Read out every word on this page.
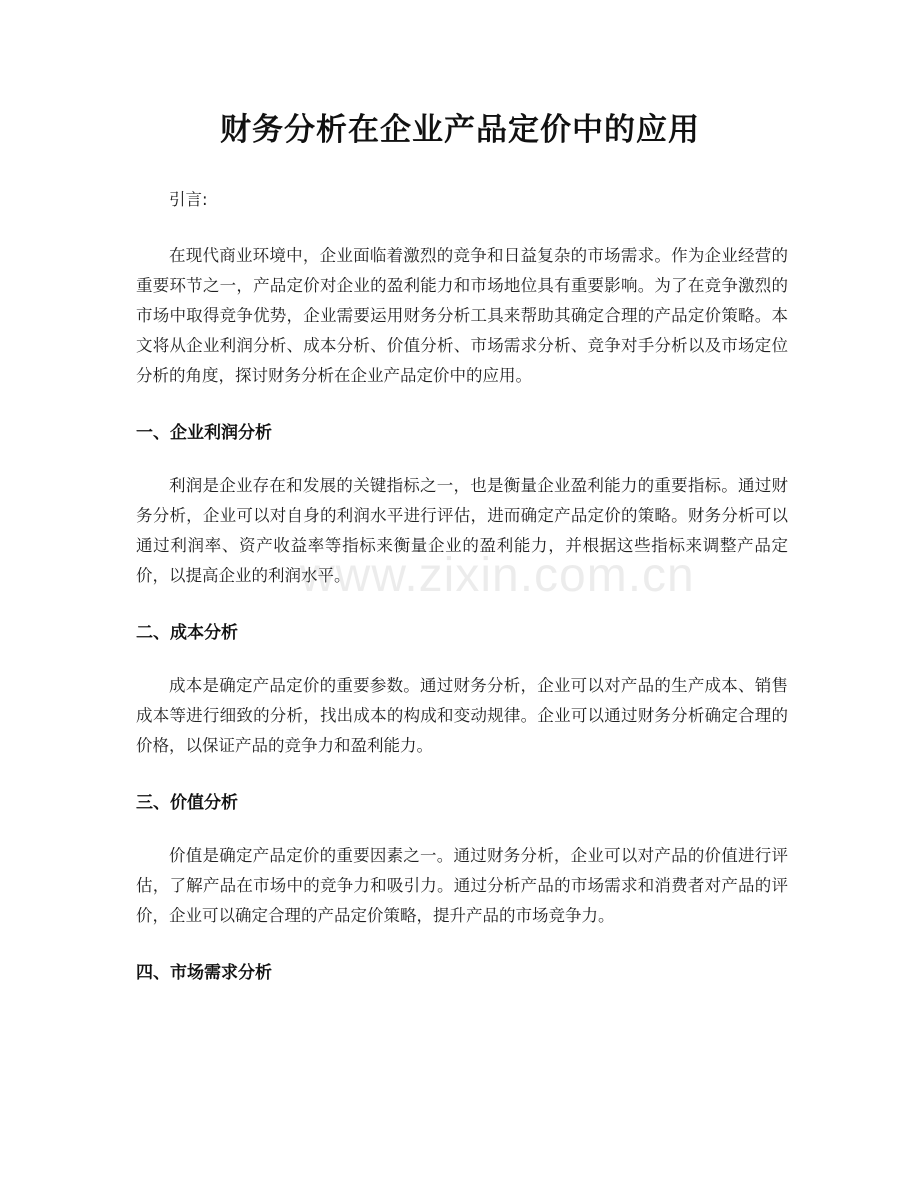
财务分析在企业产品定价中的应用

引言:

在现代商业环境中，企业面临着激烈的竞争和日益复杂的市场需求。作为企业经营的重要环节之一，产品定价对企业的盈利能力和市场地位具有重要影响。为了在竞争激烈的市场中取得竞争优势，企业需要运用财务分析工具来帮助其确定合理的产品定价策略。本文将从企业利润分析、成本分析、价值分析、市场需求分析、竞争对手分析以及市场定位分析的角度，探讨财务分析在企业产品定价中的应用。

一、企业利润分析

利润是企业存在和发展的关键指标之一，也是衡量企业盈利能力的重要指标。通过财务分析，企业可以对自身的利润水平进行评估，进而确定产品定价的策略。财务分析可以通过利润率、资产收益率等指标来衡量企业的盈利能力，并根据这些指标来调整产品定价，以提高企业的利润水平。

二、成本分析

成本是确定产品定价的重要参数。通过财务分析，企业可以对产品的生产成本、销售成本等进行细致的分析，找出成本的构成和变动规律。企业可以通过财务分析确定合理的价格，以保证产品的竞争力和盈利能力。

三、价值分析

价值是确定产品定价的重要因素之一。通过财务分析，企业可以对产品的价值进行评估，了解产品在市场中的竞争力和吸引力。通过分析产品的市场需求和消费者对产品的评价，企业可以确定合理的产品定价策略，提升产品的市场竞争力。

四、市场需求分析

www.zixin.com.cn
